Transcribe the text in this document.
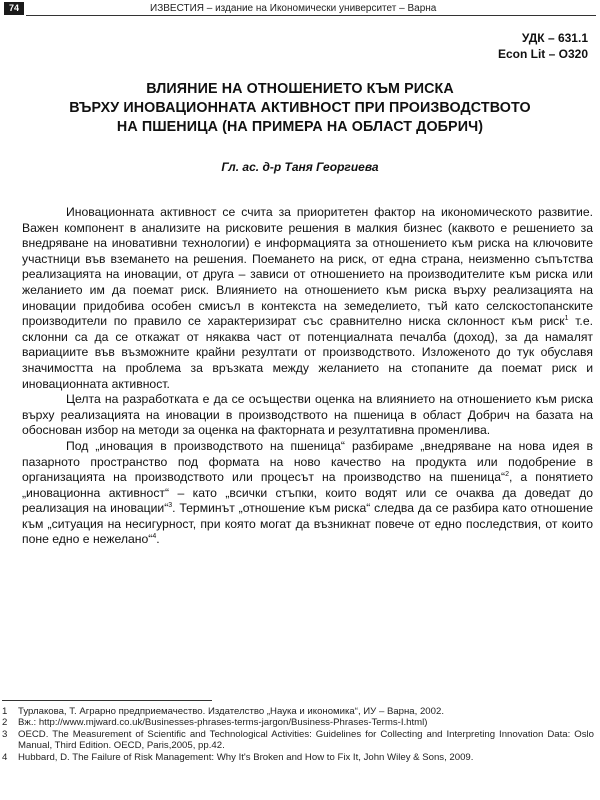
74	ИЗВЕСТИЯ – издание на Икономически университет – Варна
УДК – 631.1
Econ Lit – O320
ВЛИЯНИЕ НА ОТНОШЕНИЕТО КЪМ РИСКА
ВЪРХУ ИНОВАЦИОННАТА АКТИВНОСТ ПРИ ПРОИЗВОДСТВОТО
НА ПШЕНИЦА (НА ПРИМЕРА НА ОБЛАСТ ДОБРИЧ)
Гл. ас. д-р Таня Георгиева

Иновационната активност се счита за приоритетен фактор на икономическото развитие. Важен компонент в анализите на рисковите решения в малкия бизнес (каквото е решението за внедряване на иновативни технологии) е информацията за отношението към риска на ключовите участници във вземането на решения. Поемането на риск, от една страна, неизменно съпътства реализацията на иновации, от друга – зависи от отношението на производителите към риска или желанието им да поемат риск. Влиянието на отношението към риска върху реализацията на иновации придобива особен смисъл в контекста на земеделието, тъй като селскостопанските производители по правило се характеризират със сравнително ниска склонност към риск$^1$ т.е. склонни са да се откажат от някаква част от потенциалната печалба (доход), за да намалят вариациите във възможните крайни резултати от производството. Изложеното до тук обуславя значимостта на проблема за връзката между желанието на стопаните да поемат риск и иновационната активност.

Целта на разработката е да се осъществи оценка на влиянието на отношението към риска върху реализацията на иновации в производството на пшеница в област Добрич на базата на обоснован избор на методи за оценка на факторната и резултативна променлива.

Под „иновация в производството на пшеница“ разбираме „внедряване на нова идея в пазарното пространство под формата на ново качество на продукта или подобрение в организацията на производството или процесът на производство на пшеница“$^2$, а понятието „иновационна активност“ – като „всички стъпки, които водят или се очаква да доведат до реализация на иновации“$^3$. Терминът „отношение към риска“ следва да се разбира като отношение към „ситуация на несигурност, при която могат да възникнат повече от едно последствия, от които поне едно е нежелано“$^4$.

1	Турлакова, Т. Аграрно предприемачество. Издателство „Наука и икономика“, ИУ – Варна, 2002.
2	Вж.: http://www.mjward.co.uk/Businesses-phrases-terms-jargon/Business-Phrases-Terms-I.html)
3	OECD. The Measurement of Scientific and Technological Activities: Guidelines for Collecting and Interpreting Innovation Data: Oslo Manual, Third Edition. OECD, Paris,2005, pp.42.
4	Hubbard, D. The Failure of Risk Management: Why It's Broken and How to Fix It, John Wiley & Sons, 2009.
